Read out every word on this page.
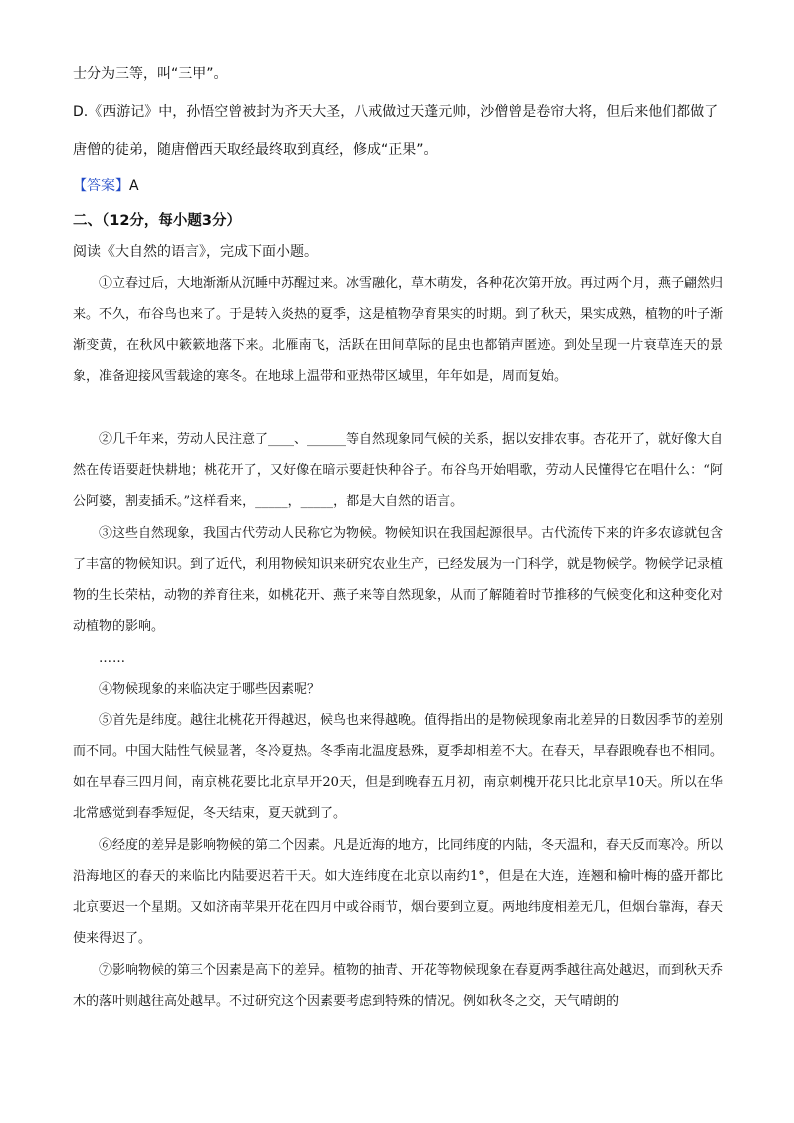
士分为三等，叫“三甲”。
D.《西游记》中，孙悟空曾被封为齐天大圣，八戒做过天蓬元帅，沙僧曾是卷帘大将，但后来他们都做了
唐僧的徒弟，随唐僧西天取经最终取到真经，修成“正果”。
【答案】A
二、（12分，每小题3分）
阅读《大自然的语言》，完成下面小题。

①立春过后，大地渐渐从沉睡中苏醒过来。冰雪融化，草木萌发，各种花次第开放。再过两个月，燕子翩然归来。不久，布谷鸟也来了。于是转入炎热的夏季，这是植物孕育果实的时期。到了秋天，果实成熟，植物的叶子渐渐变黄，在秋风中簌簌地落下来。北雁南飞，活跃在田间草际的昆虫也都销声匿迹。到处呈现一片衰草连天的景象，准备迎接风雪载途的寒冬。在地球上温带和亚热带区域里，年年如是，周而复始。

②几千年来，劳动人民注意了____、______等自然现象同气候的关系，据以安排农事。杏花开了，就好像大自然在传语要赶快耕地；桃花开了，又好像在暗示要赶快种谷子。布谷鸟开始唱歌，劳动人民懂得它在唱什么：“阿公阿婆，割麦插禾。”这样看来，_____，_____，都是大自然的语言。

③这些自然现象，我国古代劳动人民称它为物候。物候知识在我国起源很早。古代流传下来的许多农谚就包含了丰富的物候知识。到了近代，利用物候知识来研究农业生产，已经发展为一门科学，就是物候学。物候学记录植物的生长荣枯，动物的养育往来，如桃花开、燕子来等自然现象，从而了解随着时节推移的气候变化和这种变化对动植物的影响。

……

④物候现象的来临决定于哪些因素呢？

⑤首先是纬度。越往北桃花开得越迟，候鸟也来得越晚。值得指出的是物候现象南北差异的日数因季节的差别而不同。中国大陆性气候显著，冬冷夏热。冬季南北温度悬殊，夏季却相差不大。在春天，早春跟晚春也不相同。如在早春三四月间，南京桃花要比北京早开20天，但是到晚春五月初，南京刺槐开花只比北京早10天。所以在华北常感觉到春季短促，冬天结束，夏天就到了。

⑥经度的差异是影响物候的第二个因素。凡是近海的地方，比同纬度的内陆，冬天温和，春天反而寒冷。所以沿海地区的春天的来临比内陆要迟若干天。如大连纬度在北京以南约1°，但是在大连，连翘和榆叶梅的盛开都比北京要迟一个星期。又如济南苹果开花在四月中或谷雨节，烟台要到立夏。两地纬度相差无几，但烟台靠海，春天使来得迟了。

⑦影响物候的第三个因素是高下的差异。植物的抽青、开花等物候现象在春夏两季越往高处越迟，而到秋天乔木的落叶则越往高处越早。不过研究这个因素要考虑到特殊的情况。例如秋冬之交，天气晴朗的
